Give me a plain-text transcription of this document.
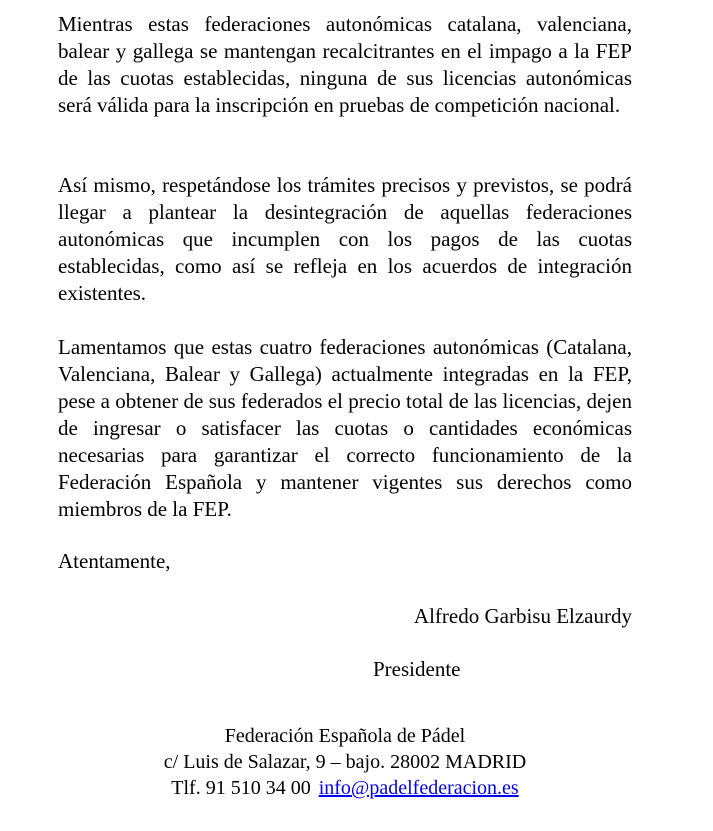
Mientras estas federaciones autonómicas catalana, valenciana, balear y gallega se mantengan recalcitrantes en el impago a la FEP de las cuotas establecidas, ninguna de sus licencias autonómicas será válida para la inscripción en pruebas de competición nacional.

Así mismo, respetándose los trámites precisos y previstos, se podrá llegar a plantear la desintegración de aquellas federaciones autonómicas que incumplen con los pagos de las cuotas establecidas, como así se refleja en los acuerdos de integración existentes.

Lamentamos que estas cuatro federaciones autonómicas (Catalana, Valenciana, Balear y Gallega) actualmente integradas en la FEP, pese a obtener de sus federados el precio total de las licencias, dejen de ingresar o satisfacer las cuotas o cantidades económicas necesarias para garantizar el correcto funcionamiento de la Federación Española y mantener vigentes sus derechos como miembros de la FEP.

Atentamente,

Alfredo Garbisu Elzaurdy

Presidente

Federación Española de Pádel
c/ Luis de Salazar, 9 – bajo. 28002 MADRID
Tlf. 91 510 34 00 info@padelfederacion.es
